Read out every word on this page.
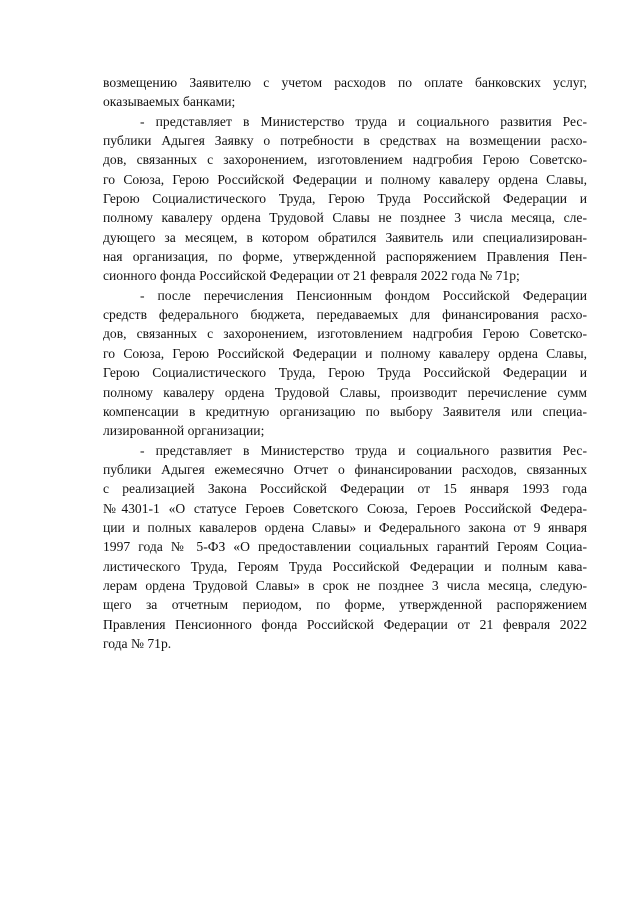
возмещению Заявителю с учетом расходов по оплате банковских услуг,
оказываемых банками;
- представляет в Министерство труда и социального развития Рес-
публики Адыгея Заявку о потребности в средствах на возмещении расхо-
дов, связанных с захоронением, изготовлением надгробия Герою Советско-
го Союза, Герою Российской Федерации и полному кавалеру ордена Славы,
Герою Социалистического Труда, Герою Труда Российской Федерации и
полному кавалеру ордена Трудовой Славы не позднее 3 числа месяца, сле-
дующего за месяцем, в котором обратился Заявитель или специализирован-
ная организация, по форме, утвержденной распоряжением Правления Пен-
сионного фонда Российской Федерации от 21 февраля 2022 года № 71р;
- после перечисления Пенсионным фондом Российской Федерации
средств федерального бюджета, передаваемых для финансирования расхо-
дов, связанных с захоронением, изготовлением надгробия Герою Советско-
го Союза, Герою Российской Федерации и полному кавалеру ордена Славы,
Герою Социалистического Труда, Герою Труда Российской Федерации и
полному кавалеру ордена Трудовой Славы, производит перечисление сумм
компенсации в кредитную организацию по выбору Заявителя или специа-
лизированной организации;
- представляет в Министерство труда и социального развития Рес-
публики Адыгея ежемесячно Отчет о финансировании расходов, связанных
с реализацией Закона Российской Федерации от 15 января 1993 года
№4301-1 «О статусе Героев Советского Союза, Героев Российской Федера-
ции и полных кавалеров ордена Славы» и Федерального закона от 9 января
1997 года № 5-ФЗ «О предоставлении социальных гарантий Героям Социа-
листического Труда, Героям Труда Российской Федерации и полным кава-
лерам ордена Трудовой Славы» в срок не позднее 3 числа месяца, следую-
щего за отчетным периодом, по форме, утвержденной распоряжением
Правления Пенсионного фонда Российской Федерации от 21 февраля 2022
года № 71р.
